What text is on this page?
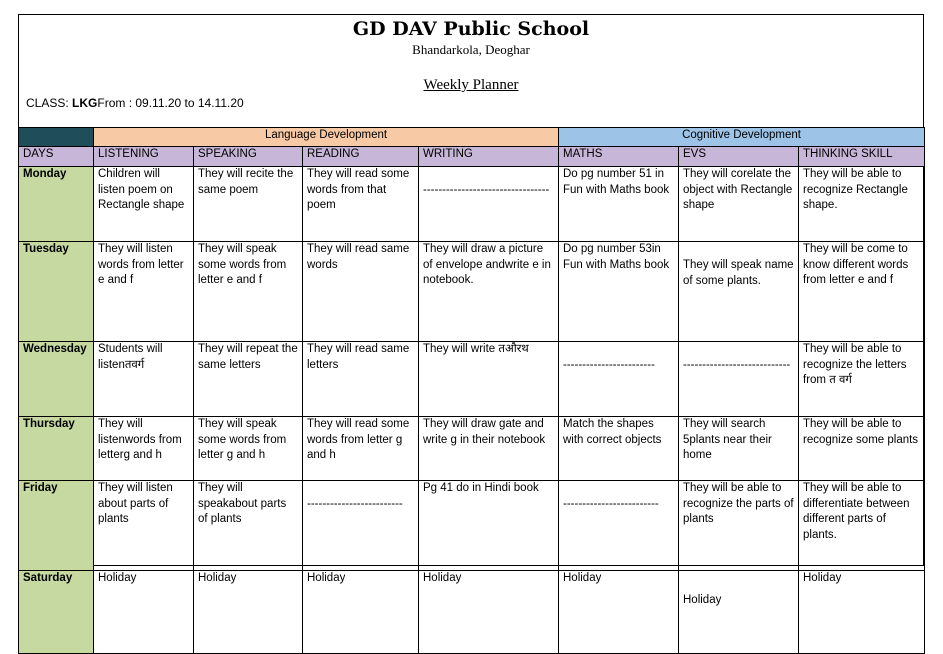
GD DAV Public School
Bhandarkola, Deoghar
Weekly Planner
CLASS: LKGFrom : 09.11.20 to 14.11.20
	Language Development				Cognitive Development		
DAYS	LISTENING	SPEAKING	READING	WRITING	MATHS	EVS	THINKING SKILL
Monday	Children will listen poem on Rectangle shape	They will recite the same poem	They will read some words from that poem	---------------------------------	Do pg number 51 in Fun with Maths book	They will corelate the object with Rectangle shape	They will be able to recognize Rectangle shape.
Tuesday	They will listen words from letter e and f	They will speak some words from letter e and f	They will read same words	They will draw a picture of envelope andwrite e in notebook.	Do pg number 53in Fun with Maths book	They will speak name of some plants.	They will be come to know different words from letter e and f
Wednesday	Students will listenतवर्ग	They will repeat the same letters	They will read same letters	They will write तऔरथ	------------------------	----------------------------	They will be able to recognize the letters from त वर्ग
Thursday	They will listenwords from letterg and h	They will speak some words from letter g and h	They will read some words from letter g and h	They will draw gate and write g in their notebook	Match the shapes with correct objects	They will search 5plants near their home	They will be able to recognize some plants
Friday	They will listen about parts of plants	They will speakabout parts of plants	-------------------------	Pg 41 do in Hindi book	-------------------------	They will be able to recognize the parts of plants	They will be able to differentiate between different parts of plants.
Saturday	Holiday	Holiday	Holiday	Holiday	Holiday	Holiday	Holiday
